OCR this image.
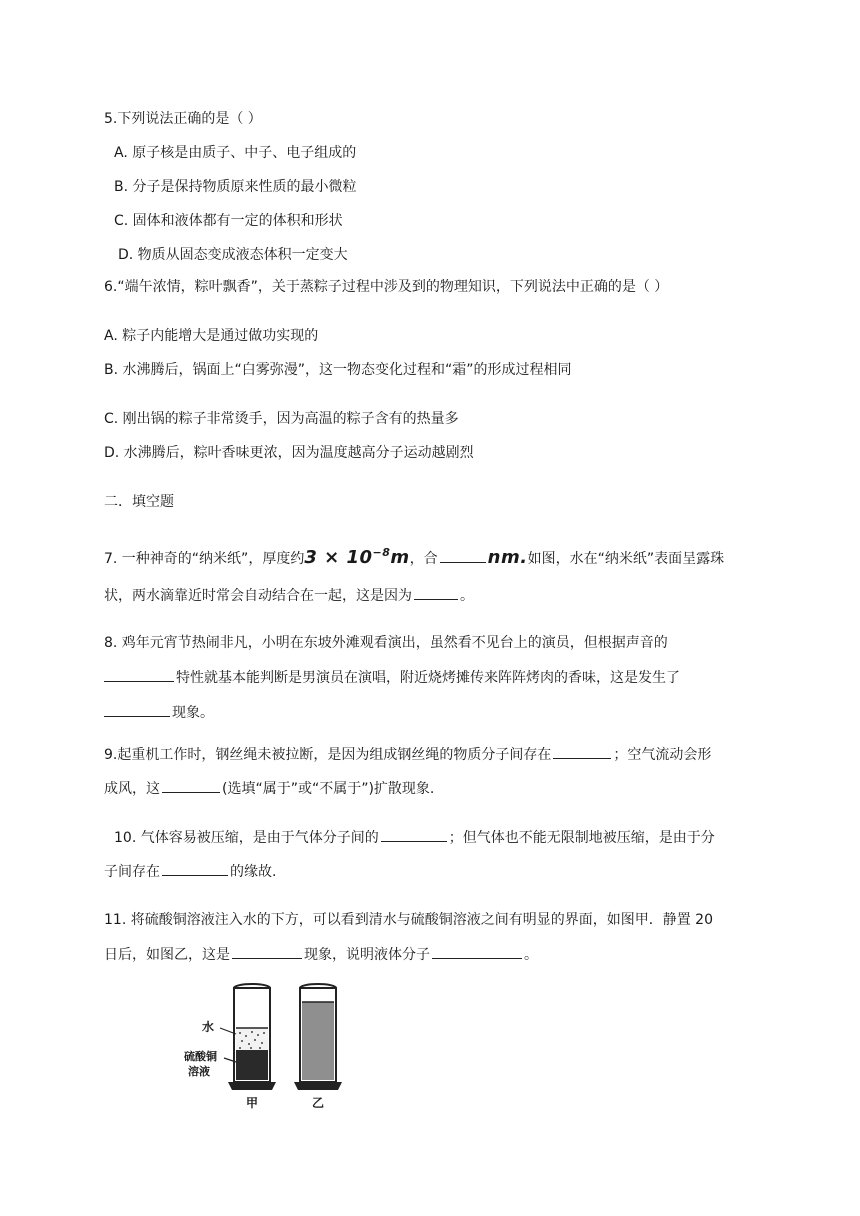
5.下列说法正确的是（ ）
A. 原子核是由质子、中子、电子组成的
B. 分子是保持物质原来性质的最小微粒
C. 固体和液体都有一定的体积和形状
D. 物质从固态变成液态体积一定变大
6.“端午浓情，粽叶飘香”，关于蒸粽子过程中涉及到的物理知识，下列说法中正确的是（ ）
A. 粽子内能增大是通过做功实现的
B. 水沸腾后，锅面上“白雾弥漫”，这一物态变化过程和“霜”的形成过程相同
C. 刚出锅的粽子非常烫手，因为高温的粽子含有的热量多
D. 水沸腾后，粽叶香味更浓，因为温度越高分子运动越剧烈
二．填空题
7. 一种神奇的“纳米纸”，厚度约$3 \times 10^{-8}m$，合	nm.如图，水在“纳米纸”表面呈露珠
状，两水滴靠近时常会自动结合在一起，这是因为	。
8. 鸡年元宵节热闹非凡，小明在东坡外滩观看演出，虽然看不见台上的演员，但根据声音的
特性就基本能判断是男演员在演唱，附近烧烤摊传来阵阵烤肉的香味，这是发生了
现象。
9.起重机工作时，钢丝绳未被拉断，是因为组成钢丝绳的物质分子间存在	；空气流动会形
成风，这	(选填“属于”或“不属于”)扩散现象.
10. 气体容易被压缩，是由于气体分子间的	；但气体也不能无限制地被压缩，是由于分
子间存在	的缘故.
11. 将硫酸铜溶液注入水的下方，可以看到清水与硫酸铜溶液之间有明显的界面，如图甲．静置 20
日后，如图乙，这是	现象，说明液体分子	。
水
硫酸铜
溶液
甲	乙
